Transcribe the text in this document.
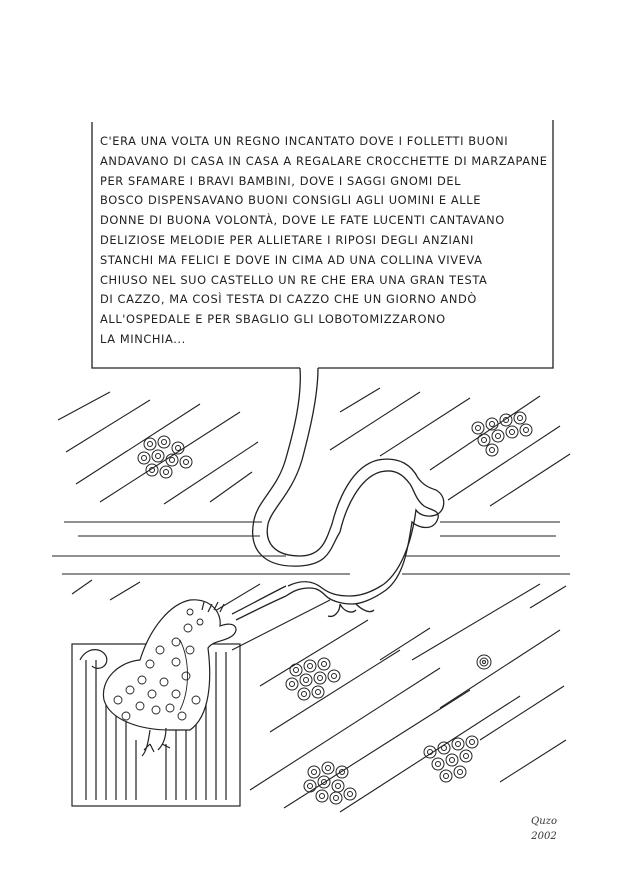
C'ERA UNA VOLTA UN REGNO INCANTATO DOVE I FOLLETTI BUONI
ANDAVANO DI CASA IN CASA A REGALARE CROCCHETTE DI MARZAPANE
PER SFAMARE I BRAVI BAMBINI, DOVE I SAGGI GNOMI DEL
BOSCO DISPENSAVANO BUONI CONSIGLI AGLI UOMINI E ALLE
DONNE DI BUONA VOLONTÀ, DOVE LE FATE LUCENTI CANTAVANO
DELIZIOSE MELODIE PER ALLIETARE I RIPOSI DEGLI ANZIANI
STANCHI MA FELICI E DOVE IN CIMA AD UNA COLLINA VIVEVA
CHIUSO NEL SUO CASTELLO UN RE CHE ERA UNA GRAN TESTA
DI CAZZO, MA COSÌ TESTA DI CAZZO CHE UN GIORNO ANDÒ
ALL'OSPEDALE E PER SBAGLIO GLI LOBOTOMIZZARONO
LA MINCHIA...
Quzo
2002
